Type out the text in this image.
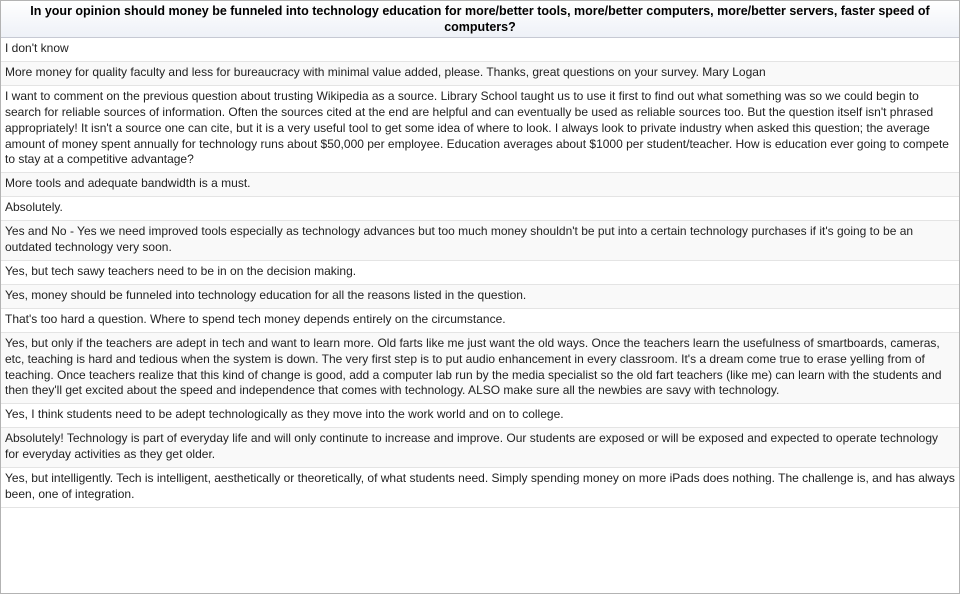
In your opinion should money be funneled into technology education for more/better tools, more/better computers, more/better servers, faster speed of computers?
I don't know
More money for quality faculty and less for bureaucracy with minimal value added, please. Thanks, great questions on your survey. Mary Logan
I want to comment on the previous question about trusting Wikipedia as a source. Library School taught us to use it first to find out what something was so we could begin to search for reliable sources of information. Often the sources cited at the end are helpful and can eventually be used as reliable sources too. But the question itself isn't phrased appropriately! It isn't a source one can cite, but it is a very useful tool to get some idea of where to look. I always look to private industry when asked this question; the average amount of money spent annually for technology runs about $50,000 per employee. Education averages about $1000 per student/teacher. How is education ever going to compete to stay at a competitive advantage?
More tools and adequate bandwidth is a must.
Absolutely.
Yes and No - Yes we need improved tools especially as technology advances but too much money shouldn't be put into a certain technology purchases if it's going to be an outdated technology very soon.
Yes, but tech sawy teachers need to be in on the decision making.
Yes, money should be funneled into technology education for all the reasons listed in the question.
That's too hard a question. Where to spend tech money depends entirely on the circumstance.
Yes, but only if the teachers are adept in tech and want to learn more. Old farts like me just want the old ways. Once the teachers learn the usefulness of smartboards, cameras, etc, teaching is hard and tedious when the system is down. The very first step is to put audio enhancement in every classroom. It's a dream come true to erase yelling from of teaching. Once teachers realize that this kind of change is good, add a computer lab run by the media specialist so the old fart teachers (like me) can learn with the students and then they'll get excited about the speed and independence that comes with technology. ALSO make sure all the newbies are savy with technology.
Yes, I think students need to be adept technologically as they move into the work world and on to college.
Absolutely! Technology is part of everyday life and will only continute to increase and improve. Our students are exposed or will be exposed and expected to operate technology for everyday activities as they get older.
Yes, but intelligently. Tech is intelligent, aesthetically or theoretically, of what students need. Simply spending money on more iPads does nothing. The challenge is, and has always been, one of integration.
